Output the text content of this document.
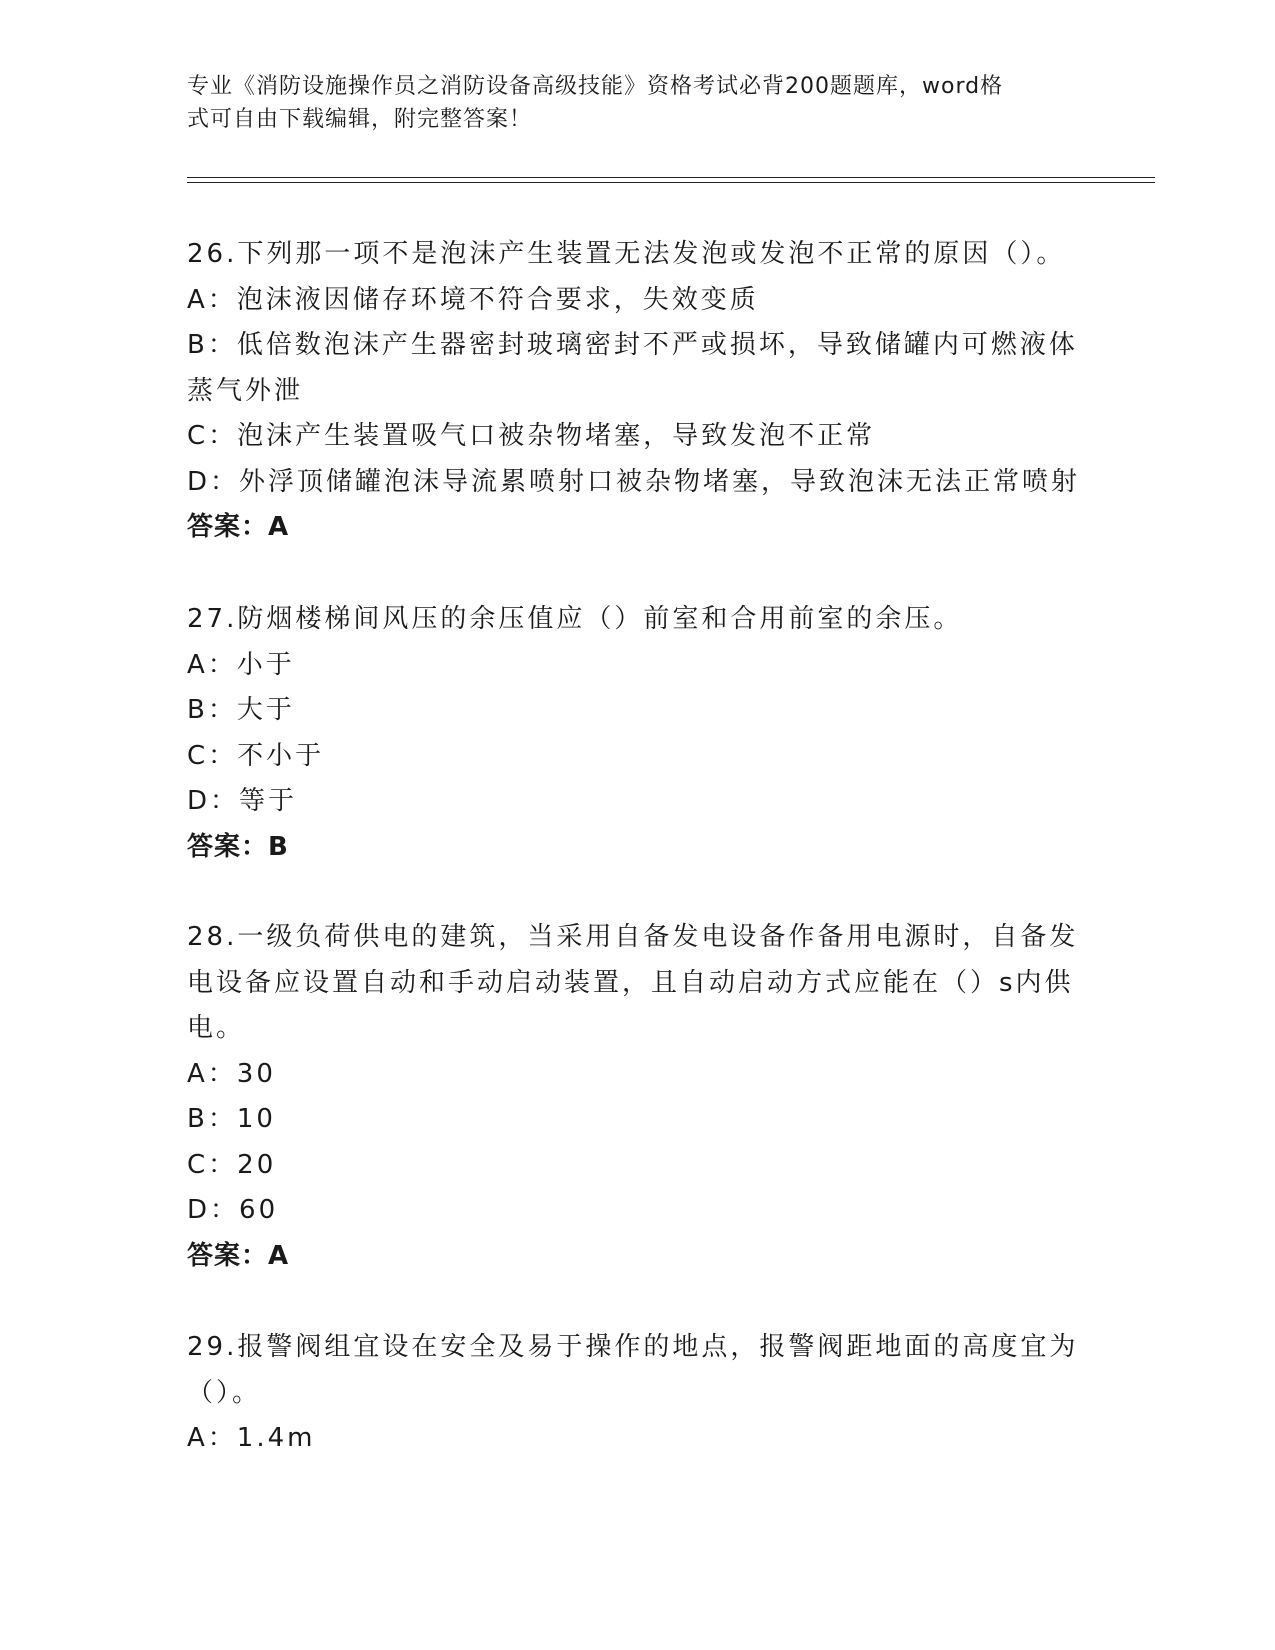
专业《消防设施操作员之消防设备高级技能》资格考试必背200题题库，word格
式可自由下载编辑，附完整答案！
26.下列那一项不是泡沫产生装置无法发泡或发泡不正常的原因（）。
A：泡沫液因储存环境不符合要求，失效变质
B：低倍数泡沫产生器密封玻璃密封不严或损坏，导致储罐内可燃液体蒸气外泄
C：泡沫产生装置吸气口被杂物堵塞，导致发泡不正常
D：外浮顶储罐泡沫导流累喷射口被杂物堵塞，导致泡沫无法正常喷射
答案：A
27.防烟楼梯间风压的余压值应（）前室和合用前室的余压。
A：小于
B：大于
C：不小于
D：等于
答案：B
28.一级负荷供电的建筑，当采用自备发电设备作备用电源时，自备发电设备应设置自动和手动启动装置，且自动启动方式应能在（）s内供电。
A：30
B：10
C：20
D：60
答案：A
29.报警阀组宜设在安全及易于操作的地点，报警阀距地面的高度宜为（）。
A：1.4m
